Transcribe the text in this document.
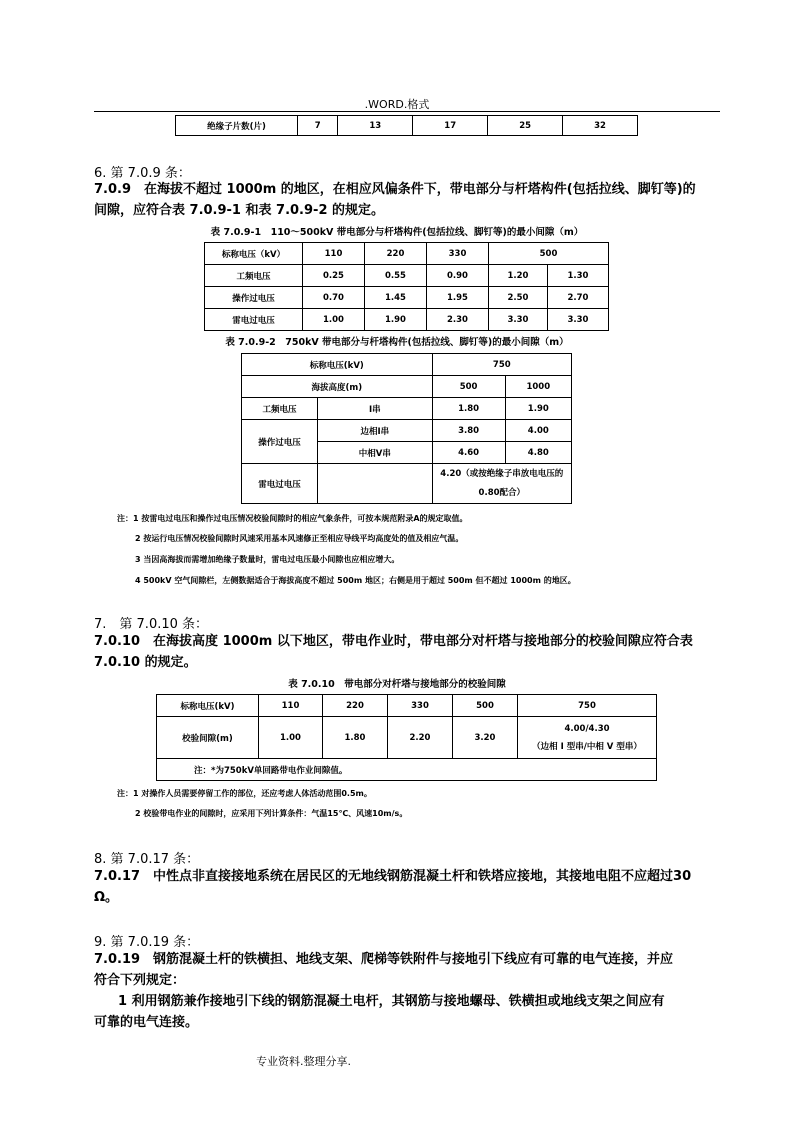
.WORD.格式
绝缘子片数(片)	7	13	17	25	32
6. 第 7.0.9 条：
7.0.9　在海拔不超过 1000m 的地区，在相应风偏条件下，带电部分与杆塔构件(包括拉线、脚钉等)的
间隙，应符合表 7.0.9-1 和表 7.0.9-2 的规定。
表 7.0.9-1　110～500kV 带电部分与杆塔构件(包括拉线、脚钉等)的最小间隙（m）
标称电压（kV）	110	220	330	500	
工频电压	0.25	0.55	0.90	1.20	1.30
操作过电压	0.70	1.45	1.95	2.50	2.70
雷电过电压	1.00	1.90	2.30	3.30	3.30
表 7.0.9-2　750kV 带电部分与杆塔构件(包括拉线、脚钉等)的最小间隙（m）
标称电压(kV)		750	
海拔高度(m)		500	1000
工频电压	I串	1.80	1.90
操作过电压	边相I串	3.80	4.00
	中相V串	4.60	4.80
雷电过电压		4.20（或按绝缘子串放电电压的
0.80配合）	
注：1 按雷电过电压和操作过电压情况校验间隙时的相应气象条件，可按本规范附录A的规定取值。
2 按运行电压情况校验间隙时风速采用基本风速修正至相应导线平均高度处的值及相应气温。
3 当因高海拔而需增加绝缘子数量时，雷电过电压最小间隙也应相应增大。
4 500kV 空气间隙栏，左侧数据适合于海拔高度不超过 500m 地区；右侧是用于超过 500m 但不超过 1000m 的地区。
7.　第 7.0.10 条：
7.0.10　在海拔高度 1000m 以下地区，带电作业时，带电部分对杆塔与接地部分的校验间隙应符合表
7.0.10 的规定。
表 7.0.10　带电部分对杆塔与接地部分的校验间隙
标称电压(kV)	110	220	330	500	750
校验间隙(m)	1.00	1.80	2.20	3.20	4.00/4.30
（边相 I 型串/中相 V 型串）

注：*为750kV单回路带电作业间隙值。					
注：1 对操作人员需要停留工作的部位，还应考虑人体活动范围0.5m。
2 校验带电作业的间隙时，应采用下列计算条件：气温15℃、风速10m/s。
8. 第 7.0.17 条：
7.0.17　中性点非直接接地系统在居民区的无地线钢筋混凝土杆和铁塔应接地，其接地电阻不应超过30
Ω。
9. 第 7.0.19 条：
7.0.19　钢筋混凝土杆的铁横担、地线支架、爬梯等铁附件与接地引下线应有可靠的电气连接，并应
符合下列规定：
1 利用钢筋兼作接地引下线的钢筋混凝土电杆，其钢筋与接地螺母、铁横担或地线支架之间应有
可靠的电气连接。
专业资料.整理分享.
